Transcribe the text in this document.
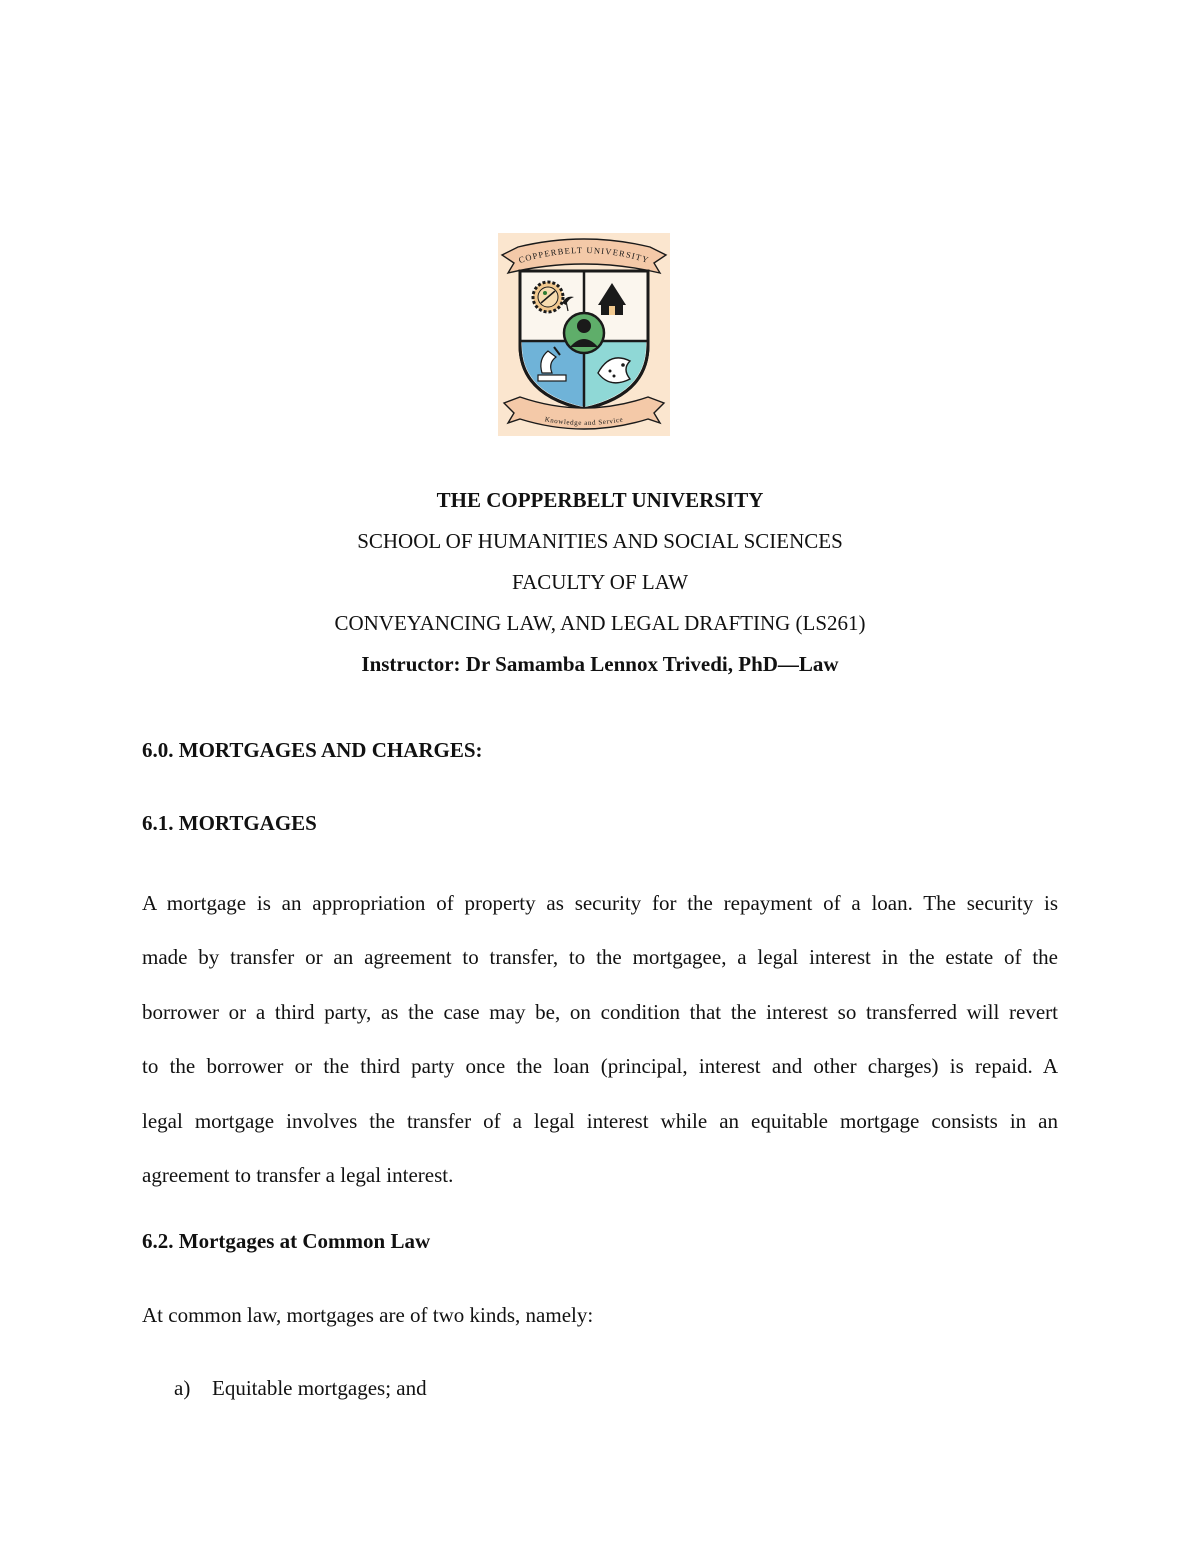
COPPERBELT UNIVERSITY
Knowledge and Service
THE COPPERBELT UNIVERSITY
SCHOOL OF HUMANITIES AND SOCIAL SCIENCES
FACULTY OF LAW
CONVEYANCING LAW, AND LEGAL DRAFTING (LS261)
Instructor: Dr Samamba Lennox Trivedi, PhD—Law
6.0. MORTGAGES AND CHARGES:
6.1. MORTGAGES
A mortgage is an appropriation of property as security for the repayment of a loan. The security is
made by transfer or an agreement to transfer, to the mortgagee, a legal interest in the estate of the
borrower or a third party, as the case may be, on condition that the interest so transferred will revert
to the borrower or the third party once the loan (principal, interest and other charges) is repaid. A
legal mortgage involves the transfer of a legal interest while an equitable mortgage consists in an
agreement to transfer a legal interest.
6.2. Mortgages at Common Law
At common law, mortgages are of two kinds, namely:
a) Equitable mortgages; and
